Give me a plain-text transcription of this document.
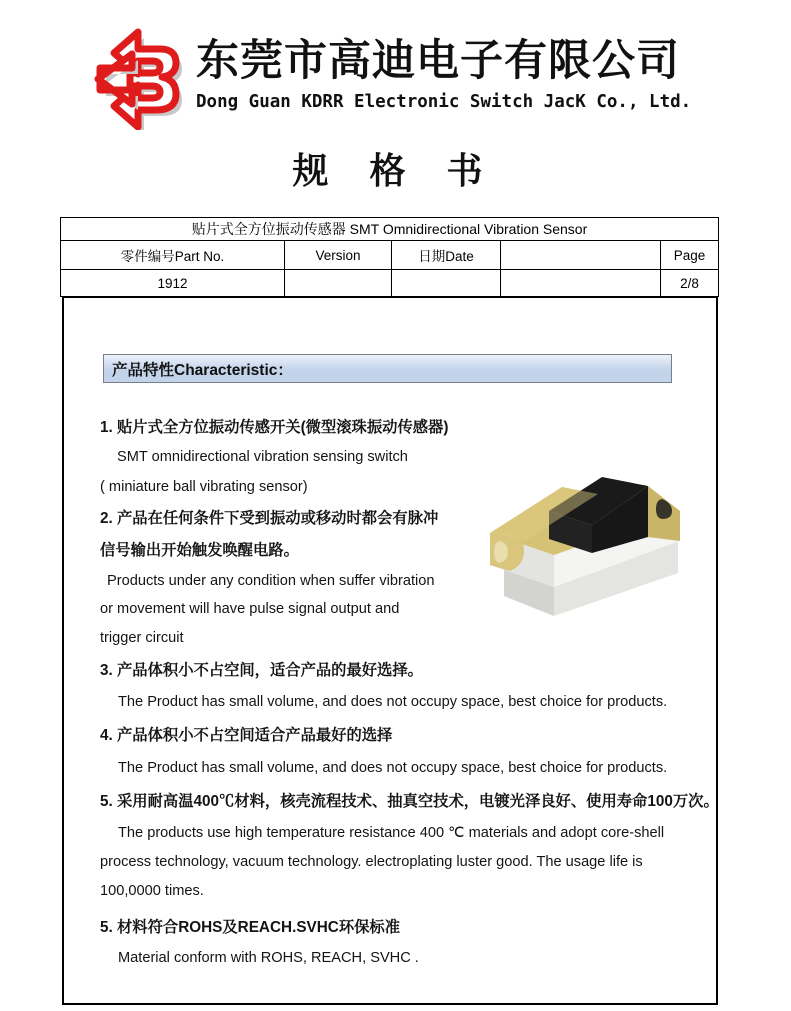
东莞市高迪电子有限公司
Dong Guan KDRR Electronic Switch JacK Co., Ltd.
规 格 书
贴片式全方位振动传感器 SMT Omnidirectional Vibration Sensor				
零件编号Part No.	Version	日期Date		Page
1912				2/8
产品特性Characteristic：
1. 贴片式全方位振动传感开关(微型滚珠振动传感器)
SMT omnidirectional vibration sensing switch
( miniature ball vibrating sensor)
2. 产品在任何条件下受到振动或移动时都会有脉冲
信号输出开始触发唤醒电路。
Products under any condition when suffer vibration
or movement will have pulse signal output and
trigger circuit
3. 产品体积小不占空间，适合产品的最好选择。
The Product has small volume, and does not occupy space, best choice for products.
4. 产品体积小不占空间适合产品最好的选择
The Product has small volume, and does not occupy space, best choice for products.
5. 采用耐高温400℃材料，核壳流程技术、抽真空技术，电镀光泽良好、使用寿命100万次。
The products use high temperature resistance 400 ℃ materials and adopt core-shell
process technology, vacuum technology. electroplating luster good. The usage life is
100,0000 times.
5. 材料符合ROHS及REACH.SVHC环保标准
Material conform with ROHS, REACH, SVHC .
